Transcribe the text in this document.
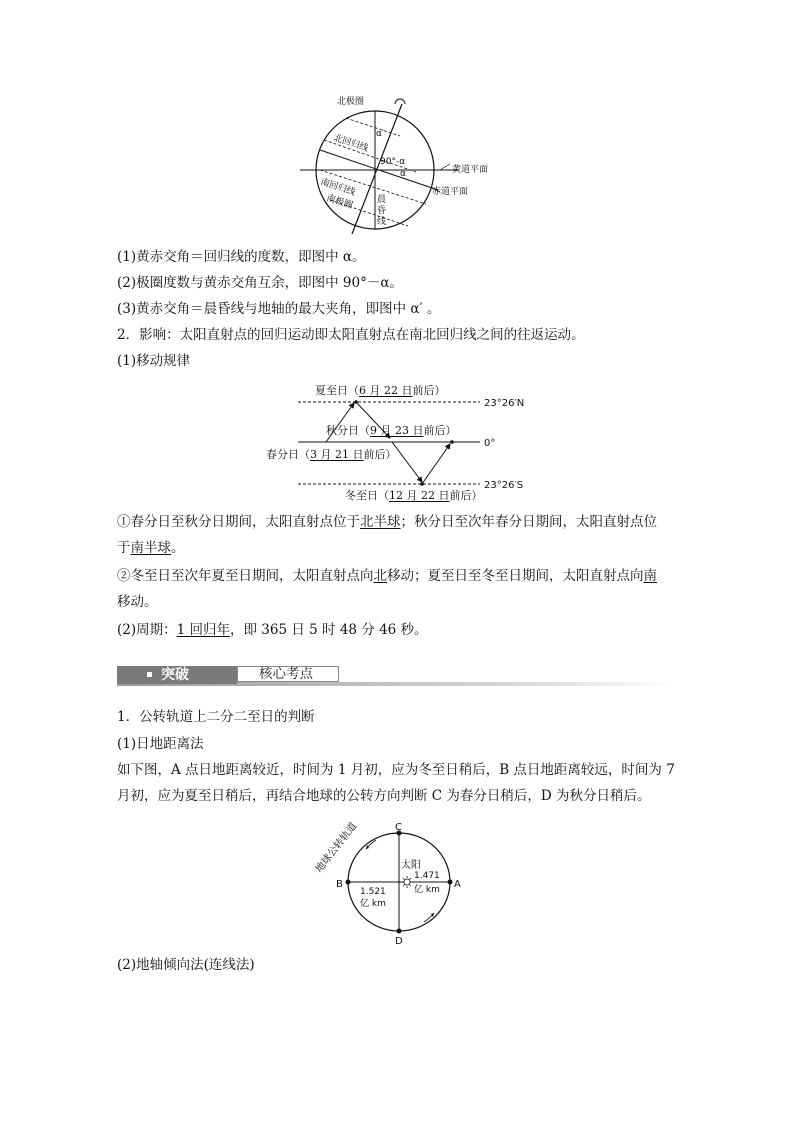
北极圈
北回归线
南回归线
南极圈
黄道平面
赤道平面
α′
90°-α
α
晨
昏
线
(1)黄赤交角＝回归线的度数，即图中 α。
(2)极圈度数与黄赤交角互余，即图中 90°－α。
(3)黄赤交角＝晨昏线与地轴的最大夹角，即图中 α′ 。
2．影响：太阳直射点的回归运动即太阳直射点在南北回归线之间的往返运动。
(1)移动规律
23°26′N
0°
23°26′S
夏至日（6 月 22 日前后）
秋分日（9 月 23 日前后）
春分日（3 月 21 日前后）
冬至日（12 月 22 日前后）
①春分日至秋分日期间，太阳直射点位于北半球；秋分日至次年春分日期间，太阳直射点位
于南半球。
②冬至日至次年夏至日期间，太阳直射点向北移动；夏至日至冬至日期间，太阳直射点向南
移动。
(2)周期：1 回归年，即 365 日 5 时 48 分 46 秒。
突破	核心考点
1．公转轨道上二分二至日的判断
(1)日地距离法
如下图，A 点日地距离较近，时间为 1 月初，应为冬至日稍后，B 点日地距离较远，时间为 7
月初，应为夏至日稍后，再结合地球的公转方向判断 C 为春分日稍后，D 为秋分日稍后。
地球公转轨道	太阳
1.471
亿 km
1.521
亿 km
A
B
C
D
(2)地轴倾向法(连线法)
